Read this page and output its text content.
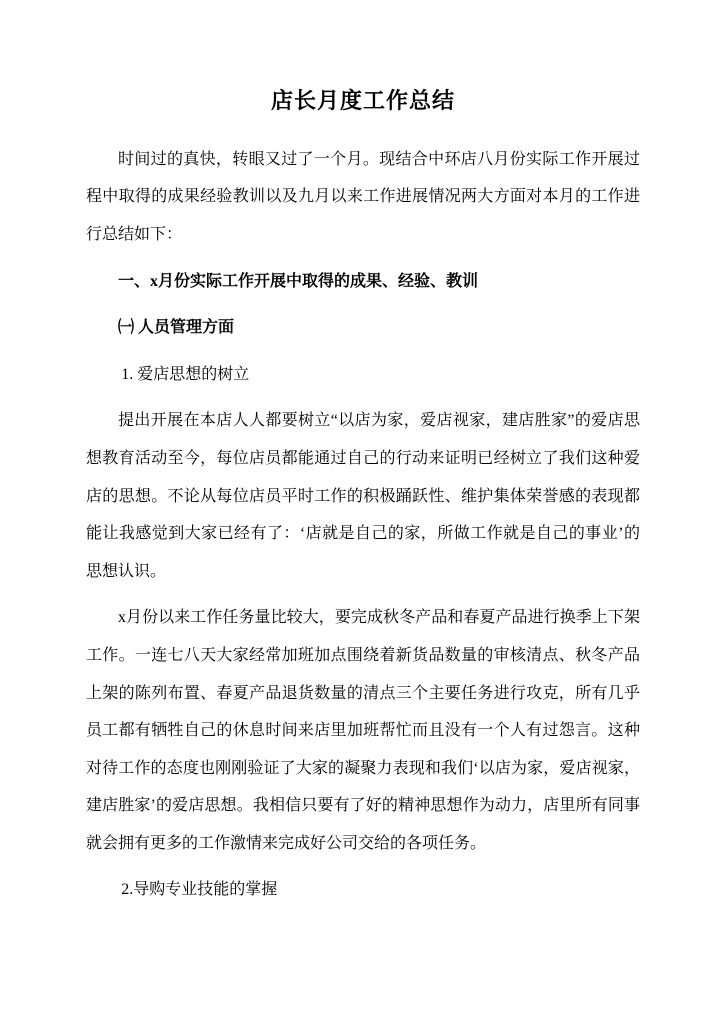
店长月度工作总结

时间过的真快，转眼又过了一个月。现结合中环店八月份实际工作开展过程中取得的成果经验教训以及九月以来工作进展情况两大方面对本月的工作进行总结如下：

一、x月份实际工作开展中取得的成果、经验、教训
㈠ 人员管理方面

1. 爱店思想的树立

提出开展在本店人人都要树立“以店为家，爱店视家，建店胜家”的爱店思想教育活动至今，每位店员都能通过自己的行动来证明已经树立了我们这种爱店的思想。不论从每位店员平时工作的积极踊跃性、维护集体荣誉感的表现都能让我感觉到大家已经有了：‘店就是自己的家，所做工作就是自己的事业’的思想认识。

x月份以来工作任务量比较大，要完成秋冬产品和春夏产品进行换季上下架工作。一连七八天大家经常加班加点围绕着新货品数量的审核清点、秋冬产品上架的陈列布置、春夏产品退货数量的清点三个主要任务进行攻克，所有几乎员工都有牺牲自己的休息时间来店里加班帮忙而且没有一个人有过怨言。这种对待工作的态度也刚刚验证了大家的凝聚力表现和我们‘以店为家，爱店视家，建店胜家’的爱店思想。我相信只要有了好的精神思想作为动力，店里所有同事就会拥有更多的工作激情来完成好公司交给的各项任务。

2.导购专业技能的掌握
